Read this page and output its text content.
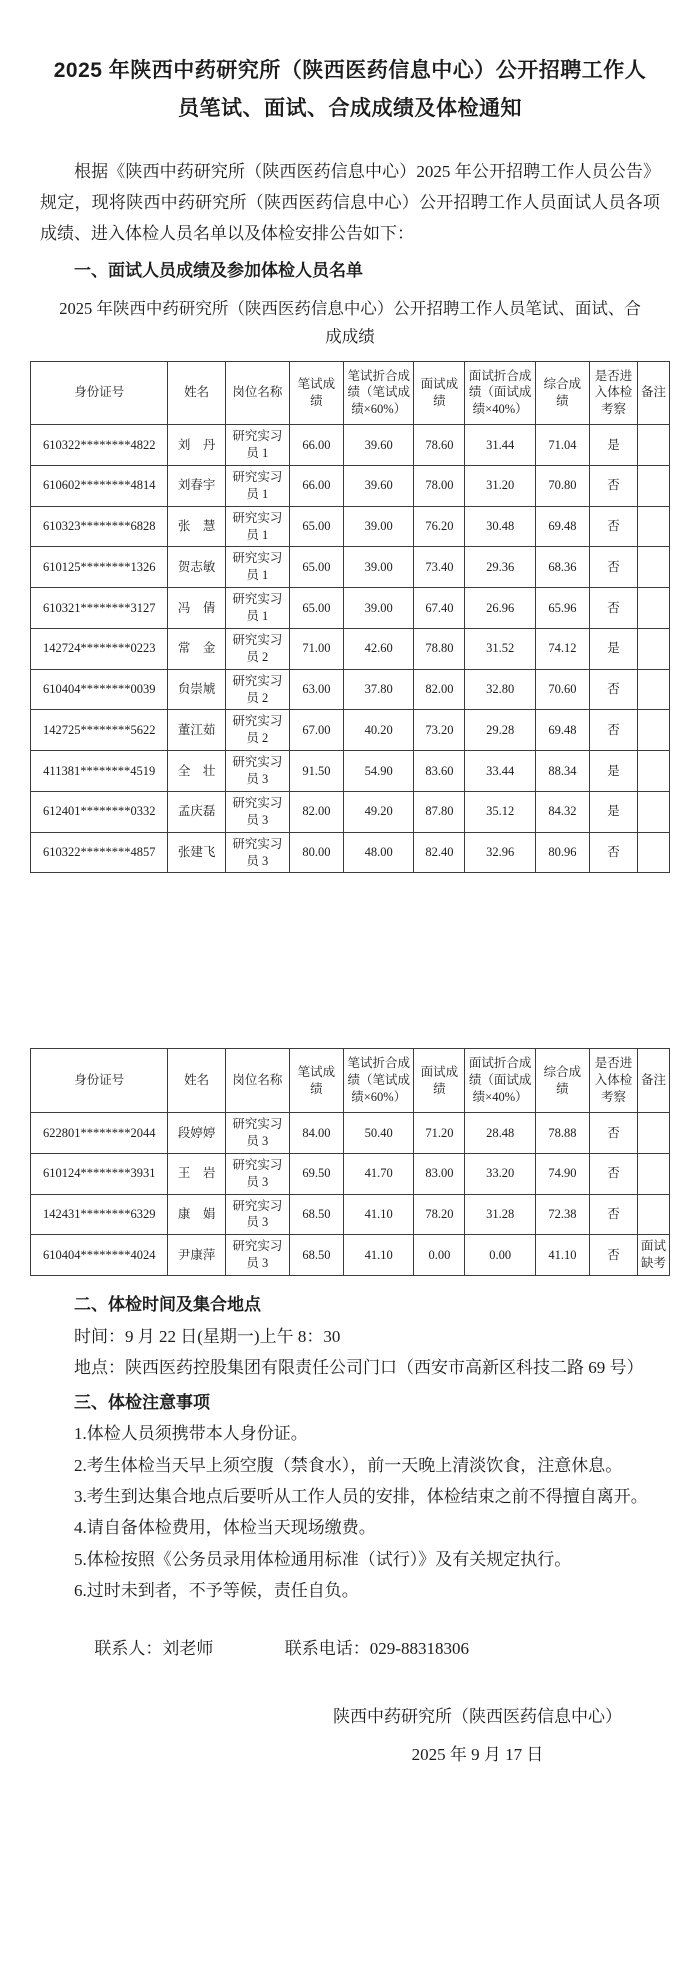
2025 年陕西中药研究所（陕西医药信息中心）公开招聘工作人员笔试、面试、合成成绩及体检通知

根据《陕西中药研究所（陕西医药信息中心）2025 年公开招聘工作人员公告》规定，现将陕西中药研究所（陕西医药信息中心）公开招聘工作人员面试人员各项成绩、进入体检人员名单以及体检安排公告如下：

一、面试人员成绩及参加体检人员名单

2025 年陕西中药研究所（陕西医药信息中心）公开招聘工作人员笔试、面试、合成成绩

身份证号	姓名	岗位名称	笔试成绩	笔试折合成绩（笔试成绩×60%）	面试成绩	面试折合成绩（面试成绩×40%）	综合成绩	是否进入体检考察	备注
610322********4822	刘　丹	研究实习员 1	66.00	39.60	78.60	31.44	71.04	是	
610602********4814	刘春宇	研究实习员 1	66.00	39.60	78.00	31.20	70.80	否	
610323********6828	张　慧	研究实习员 1	65.00	39.00	76.20	30.48	69.48	否	
610125********1326	贺志敏	研究实习员 1	65.00	39.00	73.40	29.36	68.36	否	
610321********3127	冯　倩	研究实习员 1	65.00	39.00	67.40	26.96	65.96	否	
142724********0223	常　金	研究实习员 2	71.00	42.60	78.80	31.52	74.12	是	
610404********0039	贠崇虓	研究实习员 2	63.00	37.80	82.00	32.80	70.60	否	
142725********5622	董江茹	研究实习员 2	67.00	40.20	73.20	29.28	69.48	否	
411381********4519	全　壮	研究实习员 3	91.50	54.90	83.60	33.44	88.34	是	
612401********0332	孟庆磊	研究实习员 3	82.00	49.20	87.80	35.12	84.32	是	
610322********4857	张建飞	研究实习员 3	80.00	48.00	82.40	32.96	80.96	否	
身份证号	姓名	岗位名称	笔试成绩	笔试折合成绩（笔试成绩×60%）	面试成绩	面试折合成绩（面试成绩×40%）	综合成绩	是否进入体检考察	备注
622801********2044	段婷婷	研究实习员 3	84.00	50.40	71.20	28.48	78.88	否	
610124********3931	王　岩	研究实习员 3	69.50	41.70	83.00	33.20	74.90	否	
142431********6329	康　娟	研究实习员 3	68.50	41.10	78.20	31.28	72.38	否	
610404********4024	尹康萍	研究实习员 3	68.50	41.10	0.00	0.00	41.10	否	面试缺考

二、体检时间及集合地点

时间：9 月 22 日(星期一)上午 8：30

地点：陕西医药控股集团有限责任公司门口（西安市高新区科技二路 69 号）

三、体检注意事项

1.体检人员须携带本人身份证。

2.考生体检当天早上须空腹（禁食水），前一天晚上清淡饮食，注意休息。

3.考生到达集合地点后要听从工作人员的安排，体检结束之前不得擅自离开。

4.请自备体检费用，体检当天现场缴费。

5.体检按照《公务员录用体检通用标准（试行）》及有关规定执行。

6.过时未到者，不予等候，责任自负。

联系人：刘老师	联系电话：029-88318306

陕西中药研究所（陕西医药信息中心）
2025 年 9 月 17 日
